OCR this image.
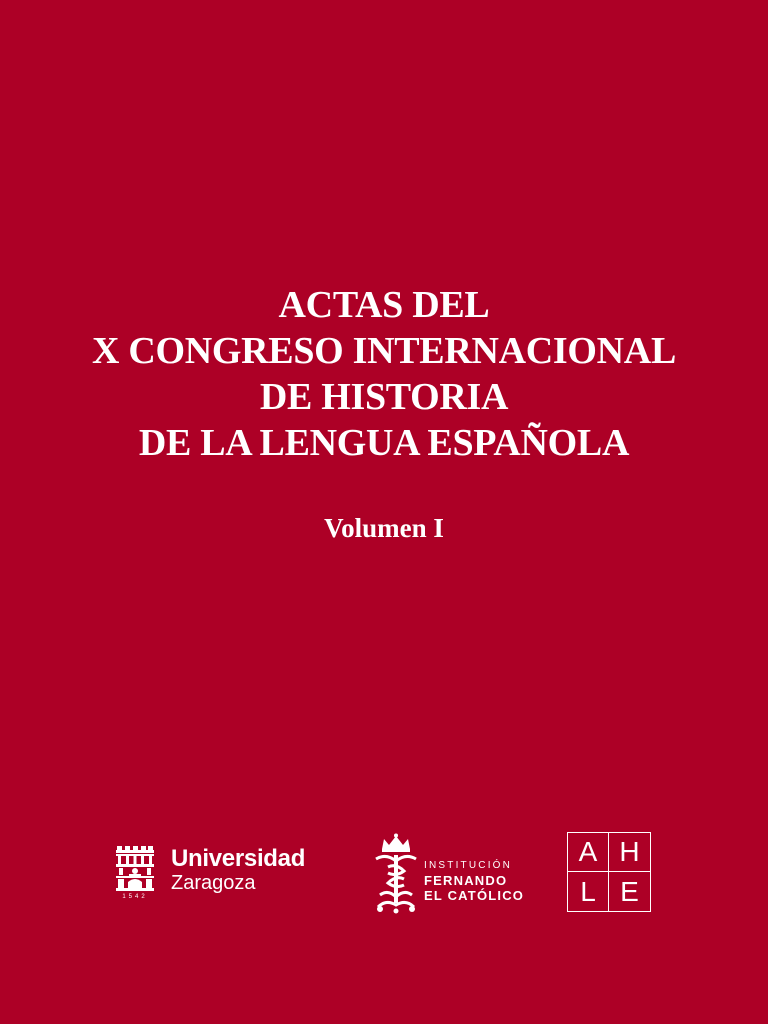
ACTAS DEL
X CONGRESO INTERNACIONAL
DE HISTORIA
DE LA LENGUA ESPAÑOLA
Volumen I
1542
Universidad
Zaragoza
INSTITUCIÓN
FERNANDO
EL CATÓLICO
A H
L E
